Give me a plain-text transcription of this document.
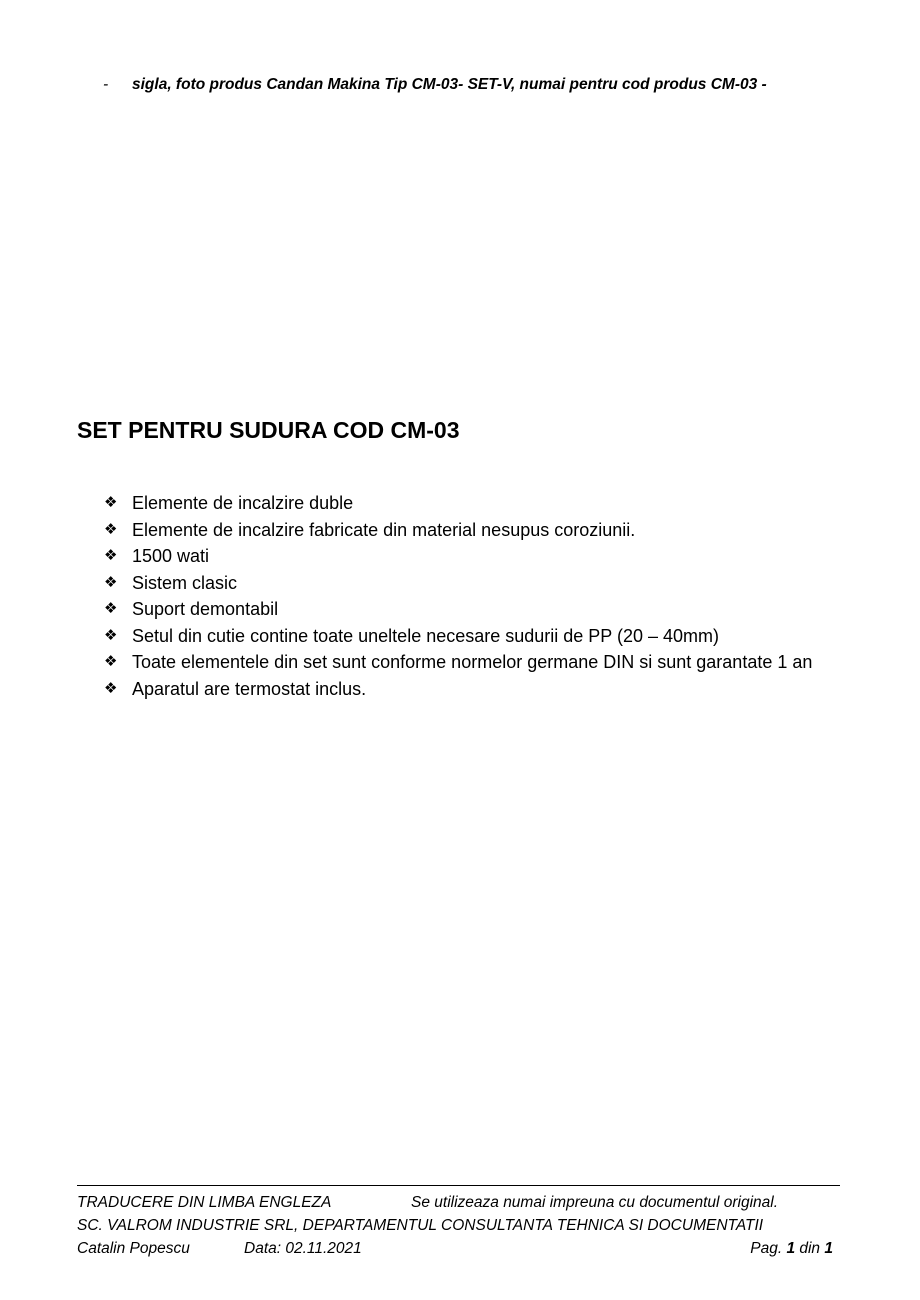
- sigla, foto produs Candan Makina Tip CM-03- SET-V, numai pentru cod produs CM-03 -
SET PENTRU SUDURA COD CM-03
❖ Elemente de incalzire duble
❖ Elemente de incalzire fabricate din material nesupus coroziunii.
❖ 1500 wati
❖ Sistem clasic
❖ Suport demontabil
❖ Setul din cutie contine toate uneltele necesare sudurii de PP (20 – 40mm)
❖ Toate elementele din set sunt conforme normelor germane DIN si sunt garantate 1 an
❖ Aparatul are termostat inclus.
TRADUCERE DIN LIMBA ENGLEZA	Se utilizeaza numai impreuna cu documentul original.
SC. VALROM INDUSTRIE SRL, DEPARTAMENTUL CONSULTANTA TEHNICA SI DOCUMENTATII
Catalin Popescu	Data: 02.11.2021	Pag. 1 din 1
